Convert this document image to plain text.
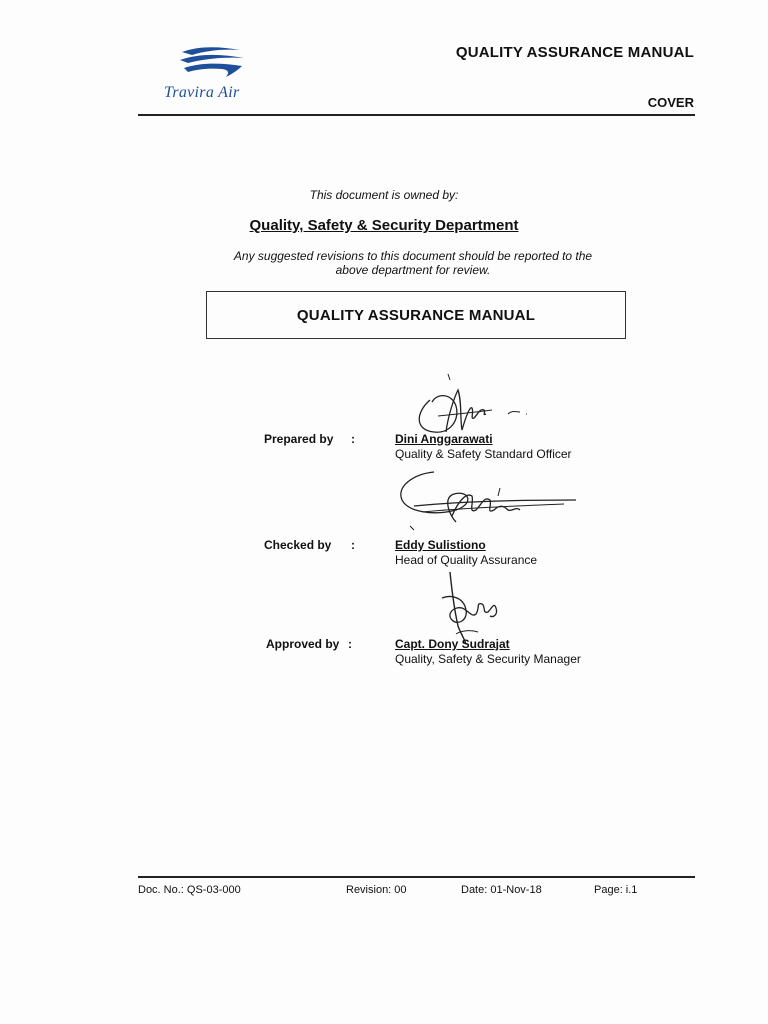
Travira Air
QUALITY ASSURANCE MANUAL
COVER
This document is owned by:
Quality, Safety & Security Department
Any suggested revisions to this document should be reported to the
above department for review.
QUALITY ASSURANCE MANUAL
Prepared by :	Dini Anggarawati
Quality & Safety Standard Officer
Checked by :	Eddy Sulistiono
Head of Quality Assurance
Approved by :	Capt. Dony Sudrajat
Quality, Safety & Security Manager
Doc. No.: QS-03-000	Revision: 00	Date: 01-Nov-18	Page: i.1
